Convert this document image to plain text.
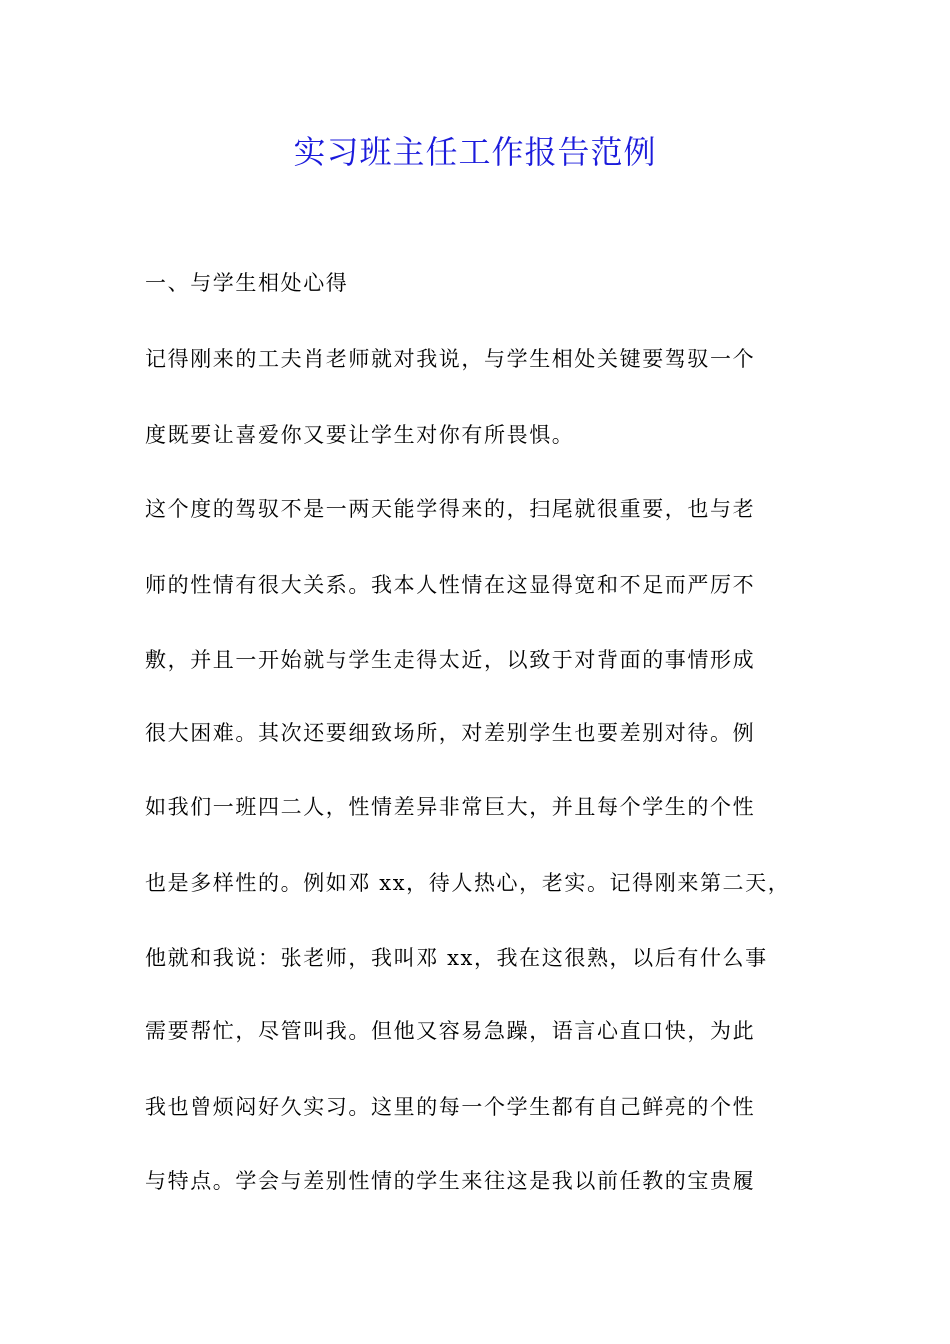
实习班主任工作报告范例
一、与学生相处心得
记得刚来的工夫肖老师就对我说，与学生相处关键要驾驭一个
度既要让喜爱你又要让学生对你有所畏惧。
这个度的驾驭不是一两天能学得来的，扫尾就很重要，也与老
师的性情有很大关系。我本人性情在这显得宽和不足而严厉不
敷，并且一开始就与学生走得太近，以致于对背面的事情形成
很大困难。其次还要细致场所，对差别学生也要差别对待。例
如我们一班四二人，性情差异非常巨大，并且每个学生的个性
也是多样性的。例如邓 xx，待人热心，老实。记得刚来第二天，
他就和我说：张老师，我叫邓 xx，我在这很熟，以后有什么事
需要帮忙，尽管叫我。但他又容易急躁，语言心直口快，为此
我也曾烦闷好久实习。这里的每一个学生都有自己鲜亮的个性
与特点。学会与差别性情的学生来往这是我以前任教的宝贵履
